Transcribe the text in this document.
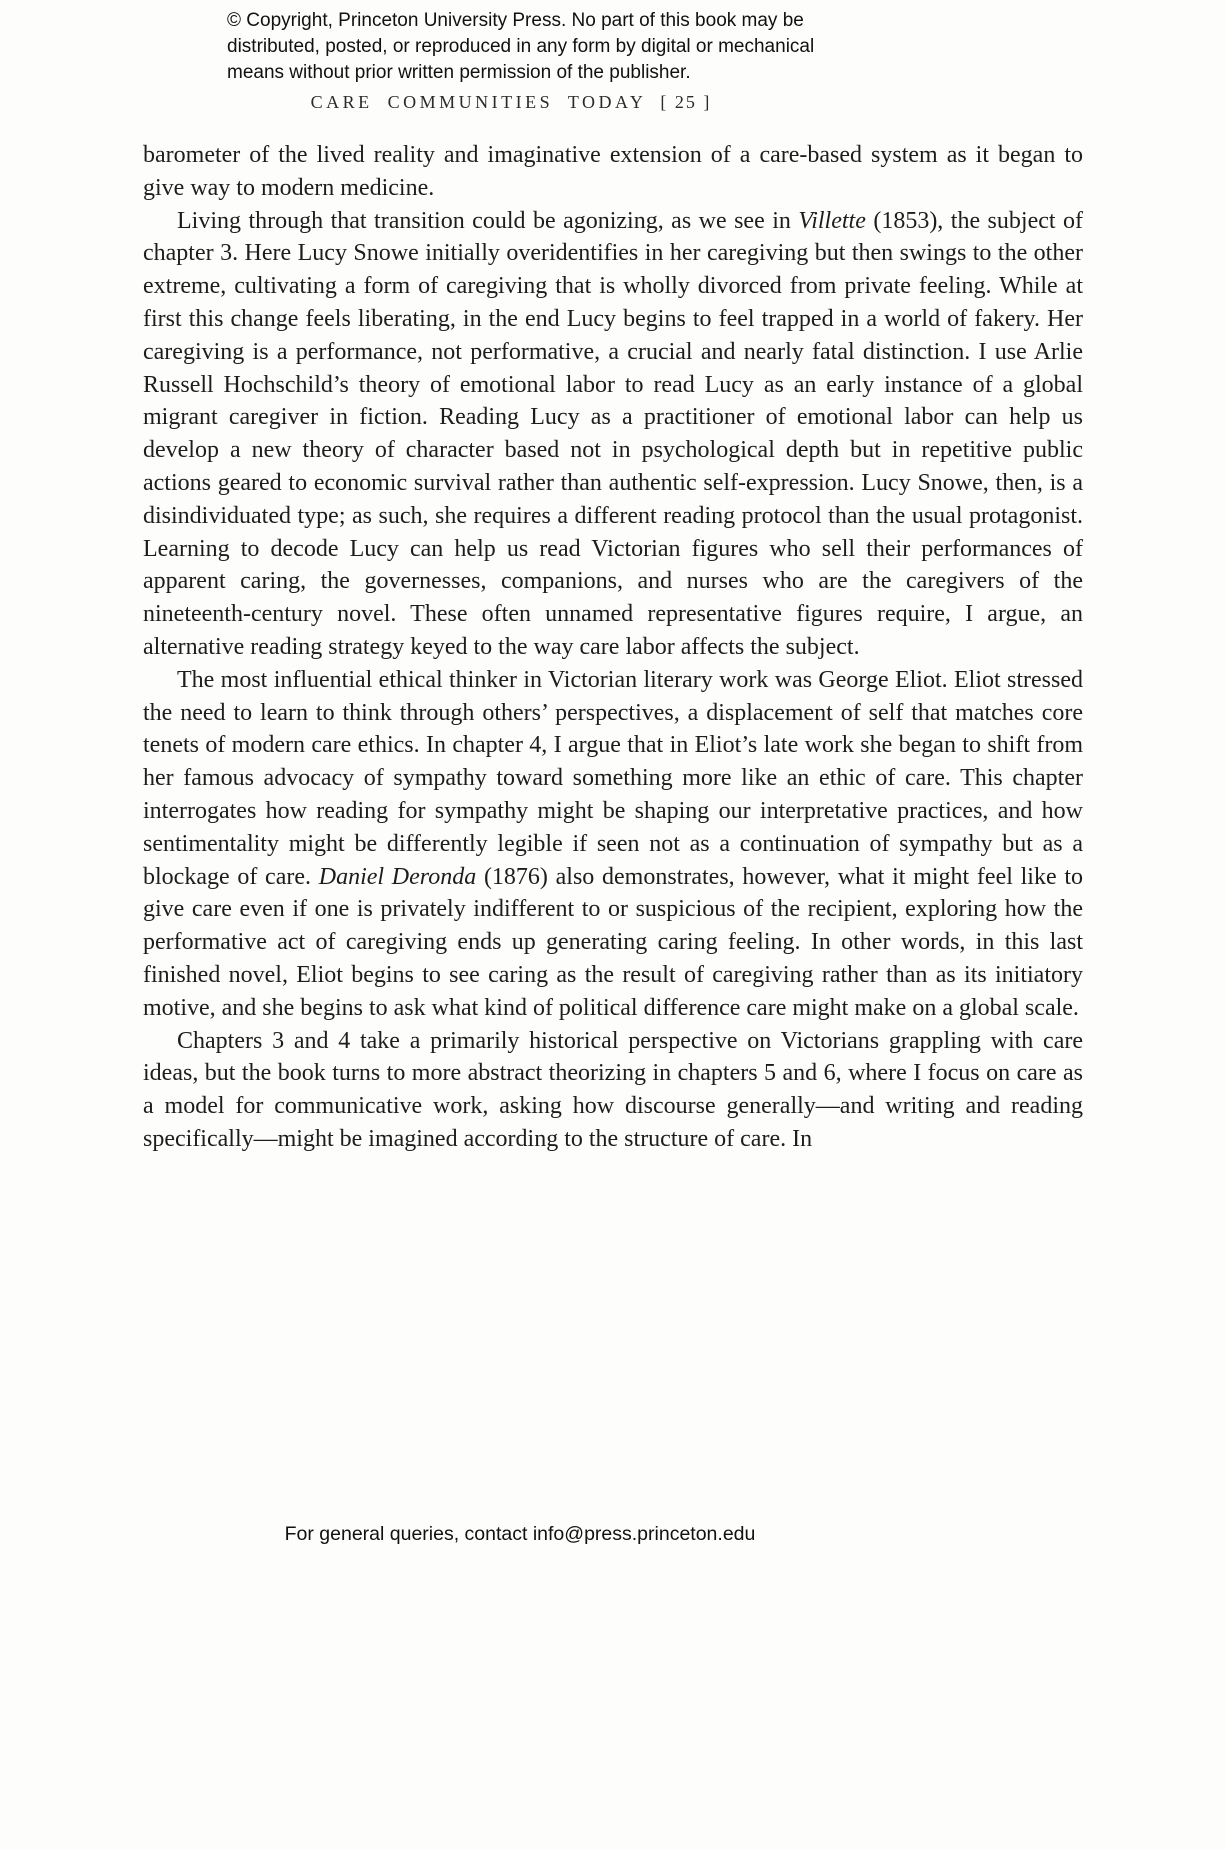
© Copyright, Princeton University Press. No part of this book may be
distributed, posted, or reproduced in any form by digital or mechanical
means without prior written permission of the publisher.
CARE COMMUNITIES TODAY [ 25 ]

barometer of the lived reality and imaginative extension of a care-based system as it began to give way to modern medicine.

Living through that transition could be agonizing, as we see in Villette (1853), the subject of chapter 3. Here Lucy Snowe initially overidentifies in her caregiving but then swings to the other extreme, cultivating a form of caregiving that is wholly divorced from private feeling. While at first this change feels liberating, in the end Lucy begins to feel trapped in a world of fakery. Her caregiving is a performance, not performative, a crucial and nearly fatal distinction. I use Arlie Russell Hochschild’s theory of emotional labor to read Lucy as an early instance of a global migrant caregiver in fiction. Reading Lucy as a practitioner of emotional labor can help us develop a new theory of character based not in psychological depth but in repetitive public actions geared to economic survival rather than authentic self-expression. Lucy Snowe, then, is a disindividuated type; as such, she requires a different reading protocol than the usual protagonist. Learning to decode Lucy can help us read Victorian figures who sell their performances of apparent caring, the governesses, companions, and nurses who are the caregivers of the nineteenth-century novel. These often unnamed representative figures require, I argue, an alternative reading strategy keyed to the way care labor affects the subject.

The most influential ethical thinker in Victorian literary work was George Eliot. Eliot stressed the need to learn to think through others’ perspectives, a displacement of self that matches core tenets of modern care ethics. In chapter 4, I argue that in Eliot’s late work she began to shift from her famous advocacy of sympathy toward something more like an ethic of care. This chapter interrogates how reading for sympathy might be shaping our interpretative practices, and how sentimentality might be differently legible if seen not as a continuation of sympathy but as a blockage of care. Daniel Deronda (1876) also demonstrates, however, what it might feel like to give care even if one is privately indifferent to or suspicious of the recipient, exploring how the performative act of caregiving ends up generating caring feeling. In other words, in this last finished novel, Eliot begins to see caring as the result of caregiving rather than as its initiatory motive, and she begins to ask what kind of political difference care might make on a global scale.

Chapters 3 and 4 take a primarily historical perspective on Victorians grappling with care ideas, but the book turns to more abstract theorizing in chapters 5 and 6, where I focus on care as a model for communicative work, asking how discourse generally—and writing and reading specifically—might be imagined according to the structure of care. In

For general queries, contact info@press.princeton.edu
